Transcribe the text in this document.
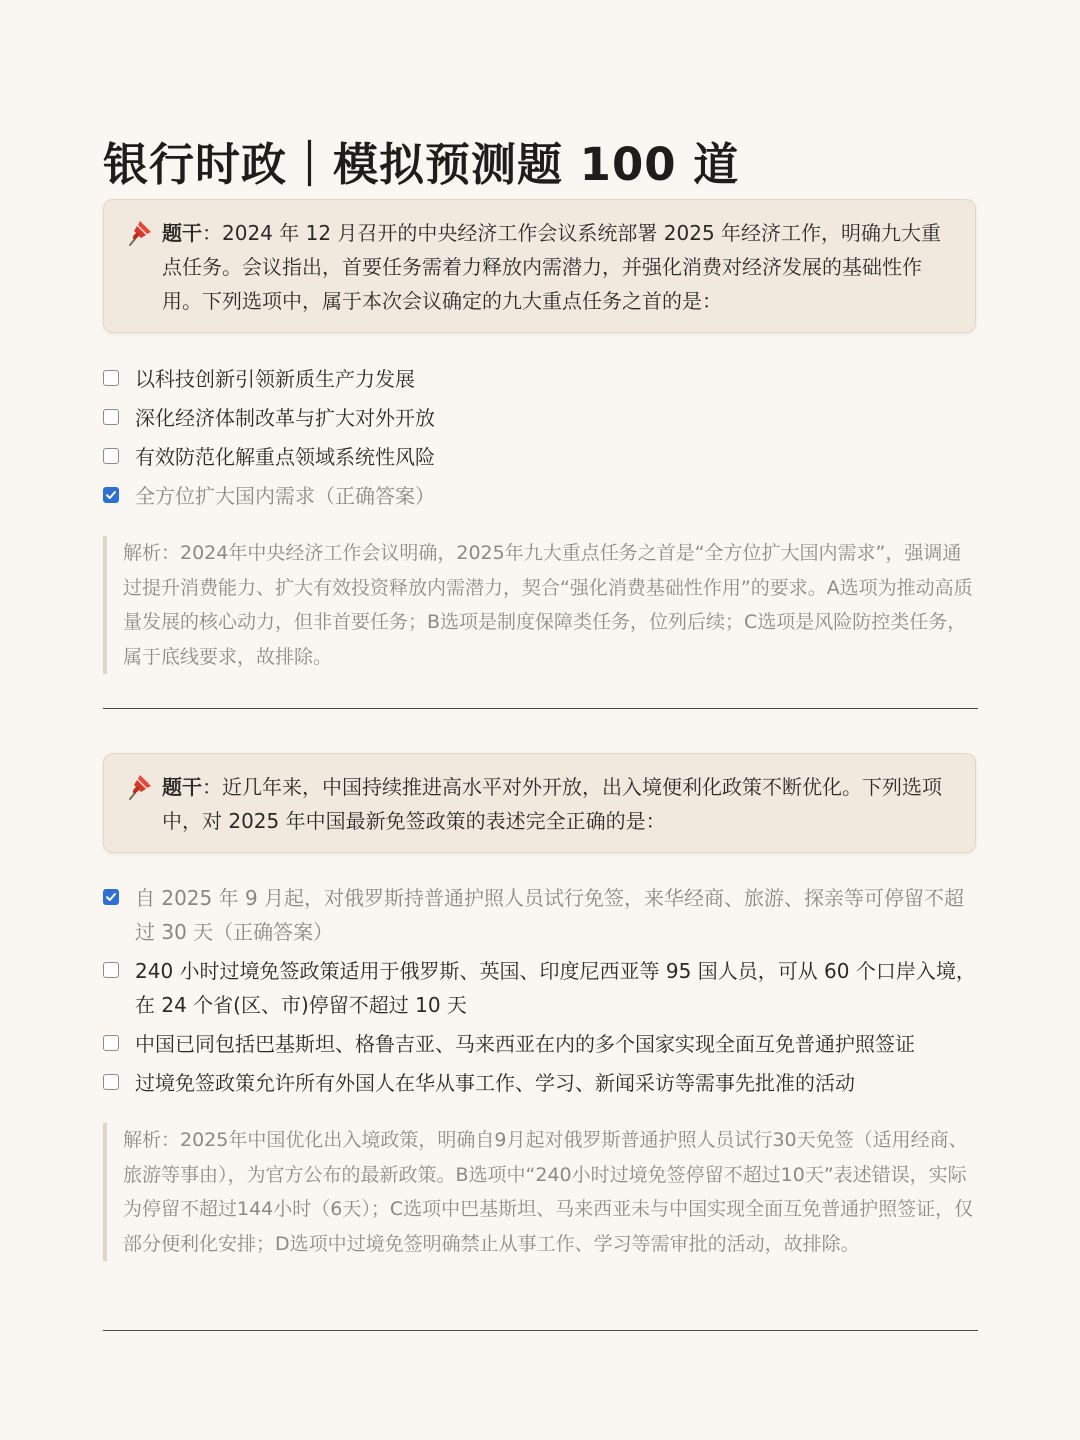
银行时政｜模拟预测题 100 道
题干：2024 年 12 月召开的中央经济工作会议系统部署 2025 年经济工作，明确九大重点任务。会议指出，首要任务需着力释放内需潜力，并强化消费对经济发展的基础性作用。下列选项中，属于本次会议确定的九大重点任务之首的是：
以科技创新引领新质生产力发展
深化经济体制改革与扩大对外开放
有效防范化解重点领域系统性风险
全方位扩大国内需求（正确答案）
解析：2024年中央经济工作会议明确，2025年九大重点任务之首是“全方位扩大国内需求”，强调通过提升消费能力、扩大有效投资释放内需潜力，契合“强化消费基础性作用”的要求。A选项为推动高质量发展的核心动力，但非首要任务；B选项是制度保障类任务，位列后续；C选项是风险防控类任务，属于底线要求，故排除。
题干：近几年来，中国持续推进高水平对外开放，出入境便利化政策不断优化。下列选项中，对 2025 年中国最新免签政策的表述完全正确的是：
自 2025 年 9 月起，对俄罗斯持普通护照人员试行免签，来华经商、旅游、探亲等可停留不超过 30 天（正确答案）
240 小时过境免签政策适用于俄罗斯、英国、印度尼西亚等 95 国人员，可从 60 个口岸入境，在 24 个省(区、市)停留不超过 10 天
中国已同包括巴基斯坦、格鲁吉亚、马来西亚在内的多个国家实现全面互免普通护照签证
过境免签政策允许所有外国人在华从事工作、学习、新闻采访等需事先批准的活动
解析：2025年中国优化出入境政策，明确自9月起对俄罗斯普通护照人员试行30天免签（适用经商、旅游等事由），为官方公布的最新政策。B选项中“240小时过境免签停留不超过10天”表述错误，实际为停留不超过144小时（6天）；C选项中巴基斯坦、马来西亚未与中国实现全面互免普通护照签证，仅部分便利化安排；D选项中过境免签明确禁止从事工作、学习等需审批的活动，故排除。
